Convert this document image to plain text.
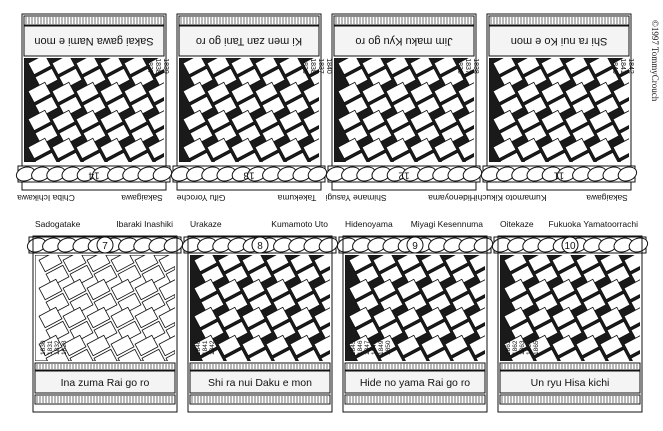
Sakai gawa Nami e mon
1837 1838 1839
14
Chiba Ichikawa	Sakaigawa
Ki men zan Tani go ro
1839 1838 1837 1840
13
Gifu Yoroche	Takekuma
Jim maku Kyu go ro
1836 1837 1838
12
Shimane Yasugi	Hidenoyama
Shi ra nui Ko e mon
1840 1841 1842
11
Kumamoto Kikuchi	Sakaigawa
Sadogatake	Ibaraki Inashiki
7
1830 1831 1832 1833
Ina zuma Rai go ro
Urakaze	Kumamoto Uto
8
1840 1841 1842
Shi ra nui Daku e mon
Hidenoyama Miyagi Kesennuma
9
1845 1846 1847 1848 1849 1850
Hide no yama Rai go ro
Oitekaze Fukuoka Yamatoorrachi
10
1861 1862 1863 1864 1865
Un ryu Hisa kichi
©1997 TommyCrouch
